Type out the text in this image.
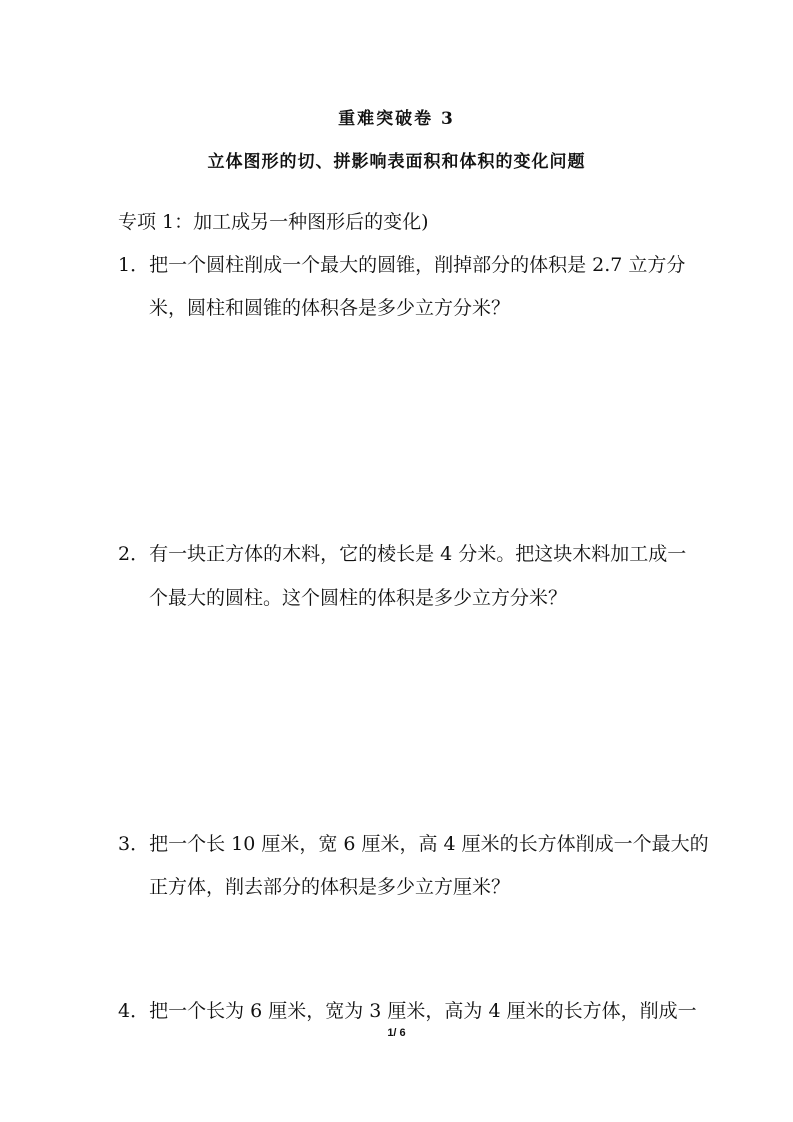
重难突破卷 3
立体图形的切、拼影响表面积和体积的变化问题
专项 1：加工成另一种图形后的变化)
1．把一个圆柱削成一个最大的圆锥，削掉部分的体积是 2.7 立方分
米，圆柱和圆锥的体积各是多少立方分米？
2．有一块正方体的木料，它的棱长是 4 分米。把这块木料加工成一
个最大的圆柱。这个圆柱的体积是多少立方分米？
3．把一个长 10 厘米，宽 6 厘米，高 4 厘米的长方体削成一个最大的
正方体，削去部分的体积是多少立方厘米？
4．把一个长为 6 厘米，宽为 3 厘米，高为 4 厘米的长方体，削成一
1/ 6
